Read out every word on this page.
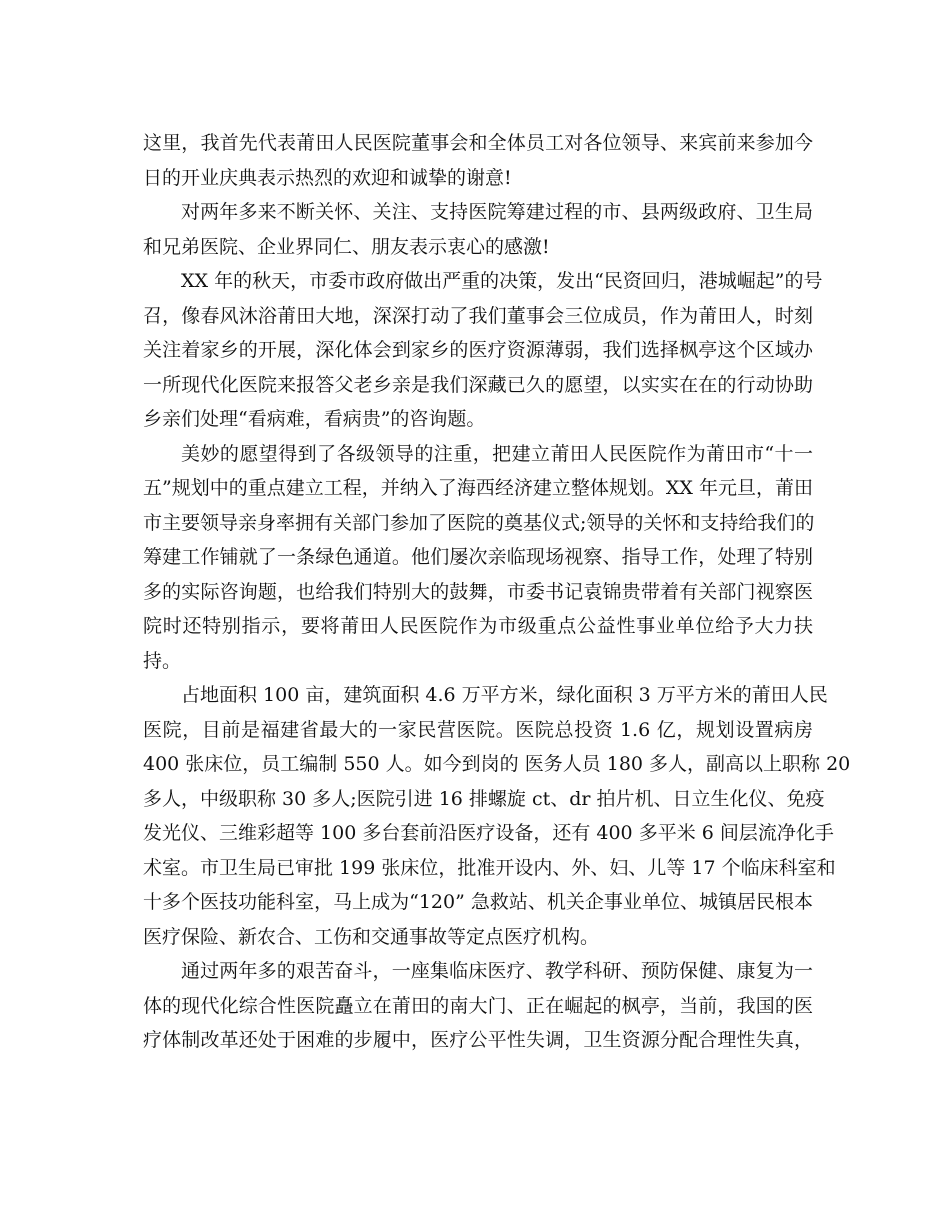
这里，我首先代表莆田人民医院董事会和全体员工对各位领导、来宾前来参加今
日的开业庆典表示热烈的欢迎和诚挚的谢意!
对两年多来不断关怀、关注、支持医院筹建过程的市、县两级政府、卫生局
和兄弟医院、企业界同仁、朋友表示衷心的感激!
XX 年的秋天，市委市政府做出严重的决策，发出“民资回归，港城崛起”的号
召，像春风沐浴莆田大地，深深打动了我们董事会三位成员，作为莆田人，时刻
关注着家乡的开展，深化体会到家乡的医疗资源薄弱，我们选择枫亭这个区域办
一所现代化医院来报答父老乡亲是我们深藏已久的愿望，以实实在在的行动协助
乡亲们处理“看病难，看病贵”的咨询题。
美妙的愿望得到了各级领导的注重，把建立莆田人民医院作为莆田市“十一
五”规划中的重点建立工程，并纳入了海西经济建立整体规划。XX 年元旦，莆田
市主要领导亲身率拥有关部门参加了医院的奠基仪式;领导的关怀和支持给我们的
筹建工作铺就了一条绿色通道。他们屡次亲临现场视察、指导工作，处理了特别
多的实际咨询题，也给我们特别大的鼓舞，市委书记袁锦贵带着有关部门视察医
院时还特别指示，要将莆田人民医院作为市级重点公益性事业单位给予大力扶
持。
占地面积 100 亩，建筑面积 4.6 万平方米，绿化面积 3 万平方米的莆田人民
医院，目前是福建省最大的一家民营医院。医院总投资 1.6 亿，规划设置病房
400 张床位，员工编制 550 人。如今到岗的 医务人员 180 多人，副高以上职称 20
多人，中级职称 30 多人;医院引进 16 排螺旋 ct、dr 拍片机、日立生化仪、免疫
发光仪、三维彩超等 100 多台套前沿医疗设备，还有 400 多平米 6 间层流净化手
术室。市卫生局已审批 199 张床位，批准开设内、外、妇、儿等 17 个临床科室和
十多个医技功能科室，马上成为“120” 急救站、机关企事业单位、城镇居民根本
医疗保险、新农合、工伤和交通事故等定点医疗机构。
通过两年多的艰苦奋斗，一座集临床医疗、教学科研、预防保健、康复为一
体的现代化综合性医院矗立在莆田的南大门、正在崛起的枫亭，当前，我国的医
疗体制改革还处于困难的步履中，医疗公平性失调，卫生资源分配合理性失真，
